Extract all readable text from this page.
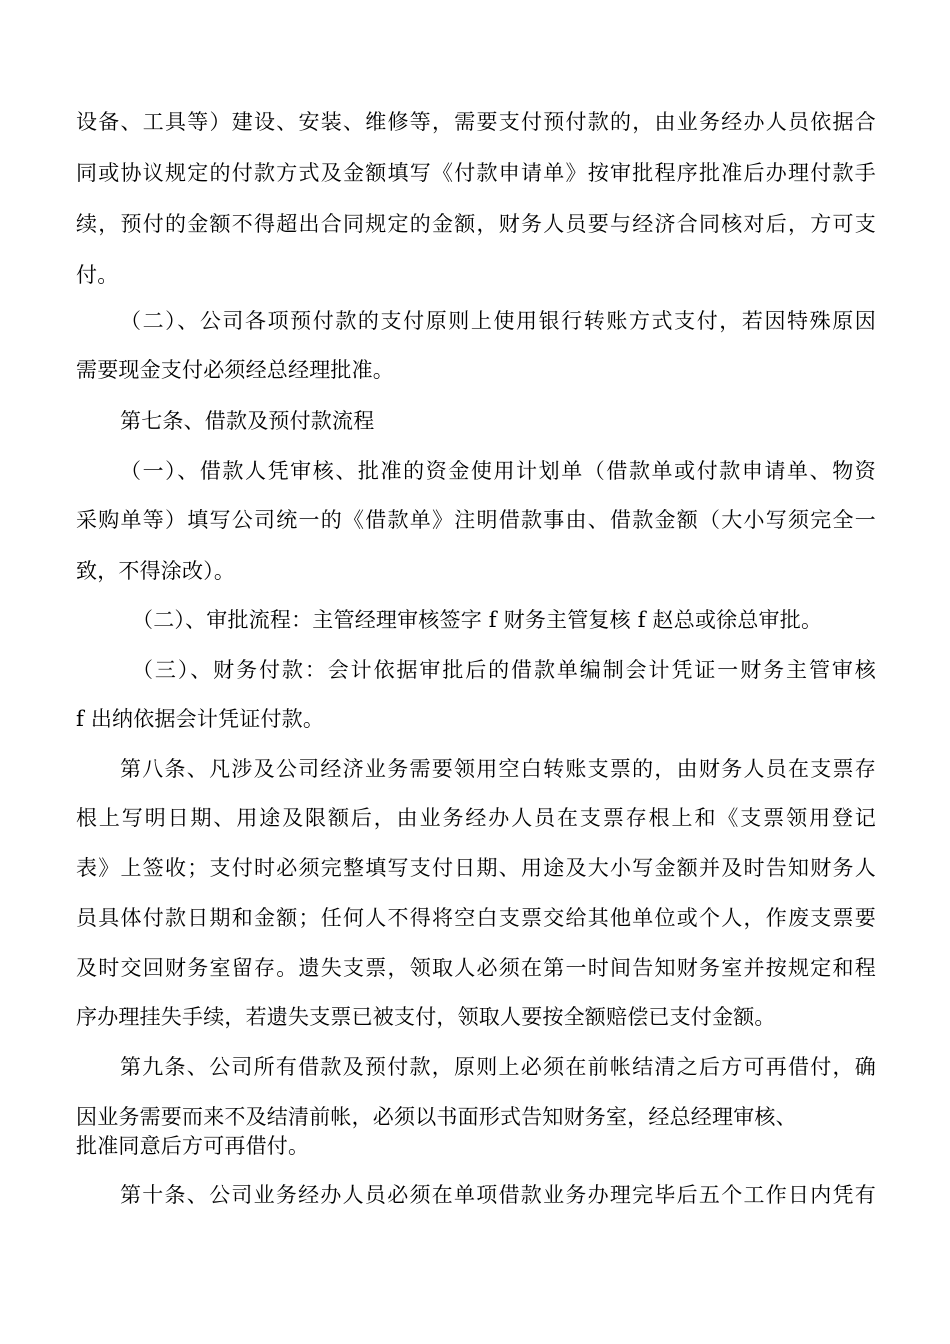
设备、工具等）建设、安装、维修等，需要支付预付款的，由业务经办人员依据合
同或协议规定的付款方式及金额填写《付款申请单》按审批程序批准后办理付款手
续，预付的金额不得超出合同规定的金额，财务人员要与经济合同核对后，方可支
付。
（二）、公司各项预付款的支付原则上使用银行转账方式支付，若因特殊原因
需要现金支付必须经总经理批准。
第七条、借款及预付款流程
（一）、借款人凭审核、批准的资金使用计划单（借款单或付款申请单、物资
采购单等）填写公司统一的《借款单》注明借款事由、借款金额（大小写须完全一
致，不得涂改）。
（二）、审批流程：主管经理审核签字 f 财务主管复核 f 赵总或徐总审批。
（三）、财务付款：会计依据审批后的借款单编制会计凭证一财务主管审核
f 出纳依据会计凭证付款。
第八条、凡涉及公司经济业务需要领用空白转账支票的，由财务人员在支票存
根上写明日期、用途及限额后，由业务经办人员在支票存根上和《支票领用登记
表》上签收；支付时必须完整填写支付日期、用途及大小写金额并及时告知财务人
员具体付款日期和金额；任何人不得将空白支票交给其他单位或个人，作废支票要
及时交回财务室留存。遗失支票，领取人必须在第一时间告知财务室并按规定和程
序办理挂失手续，若遗失支票已被支付，领取人要按全额赔偿已支付金额。
第九条、公司所有借款及预付款，原则上必须在前帐结清之后方可再借付，确
因业务需要而来不及结清前帐，必须以书面形式告知财务室，经总经理审核、
批准同意后方可再借付。
第十条、公司业务经办人员必须在单项借款业务办理完毕后五个工作日内凭有
